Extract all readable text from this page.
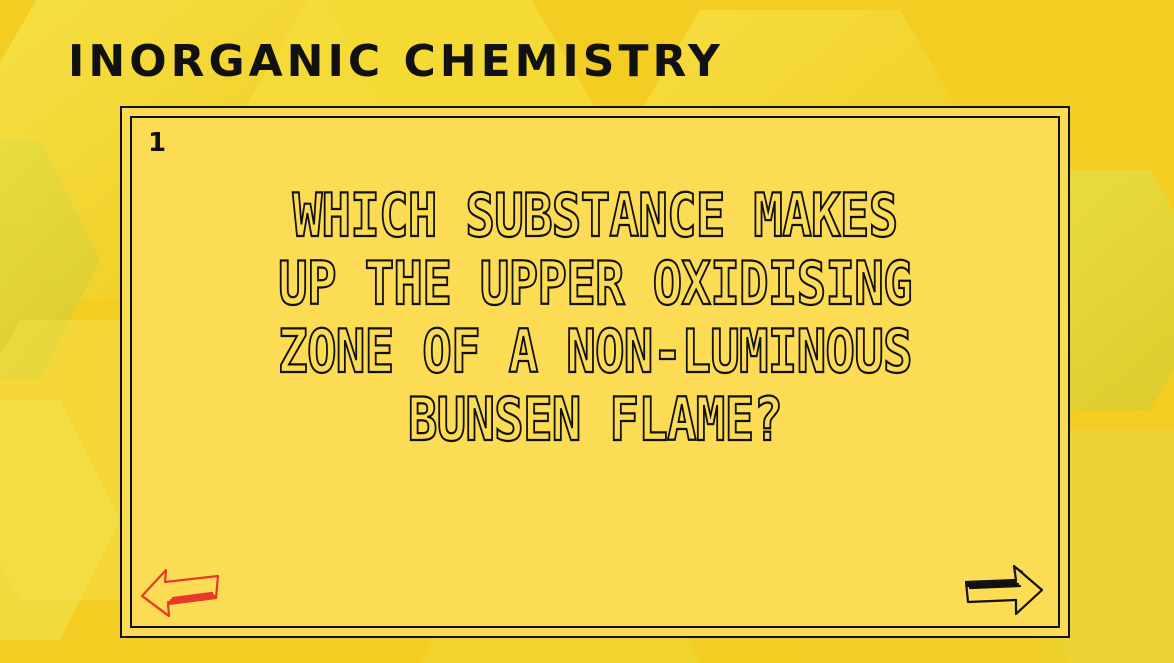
INORGANIC CHEMISTRY
1
WHICH SUBSTANCE MAKES UP THE UPPER OXIDISING ZONE OF A NON-LUMINOUS BUNSEN FLAME?
